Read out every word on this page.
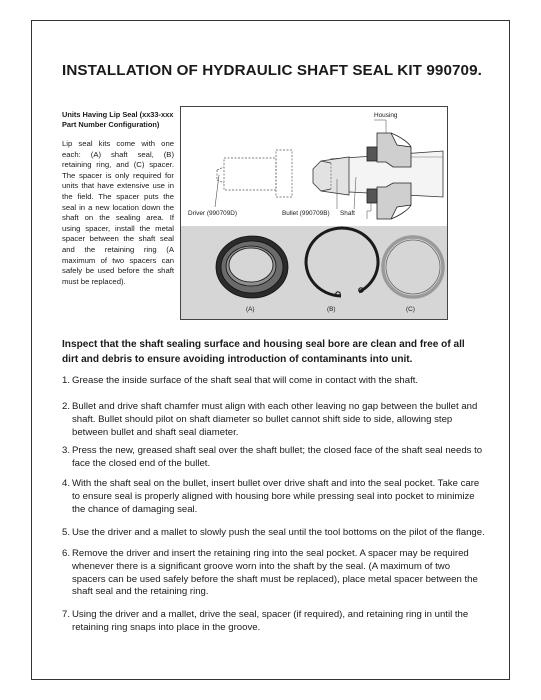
INSTALLATION OF HYDRAULIC SHAFT SEAL KIT 990709.
Units Having Lip Seal (xx33-xxx Part Number Configuration)
Lip seal kits come with one each: (A) shaft seal, (B) retaining ring, and (C) spacer. The spacer is only required for units that have extensive use in the field. The spacer puts the seal in a new location down the shaft on the sealing area. If using spacer, install the metal spacer between the shaft seal and the retaining ring (A maximum of two spacers can safely be used before the shaft must be replaced).
Housing
Driver (990709D)	Bullet (990709B) Shaft
(A)	(B)	(C)
Inspect that the shaft sealing surface and housing seal bore are clean and free of all dirt and debris to ensure avoiding introduction of contaminants into unit.
1. Grease the inside surface of the shaft seal that will come in contact with the shaft.
2. Bullet and drive shaft chamfer must align with each other leaving no gap between the bullet and shaft. Bullet should pilot on shaft diameter so bullet cannot shift side to side, allowing step between bullet and shaft seal diameter.
3. Press the new, greased shaft seal over the shaft bullet; the closed face of the shaft seal needs to face the closed end of the bullet.
4. With the shaft seal on the bullet, insert bullet over drive shaft and into the seal pocket. Take care to ensure seal is properly aligned with housing bore while pressing seal into pocket to minimize the chance of damaging seal.
5. Use the driver and a mallet to slowly push the seal until the tool bottoms on the pilot of the flange.
6. Remove the driver and insert the retaining ring into the seal pocket. A spacer may be required whenever there is a significant groove worn into the shaft by the seal. (A maximum of two spacers can be used safely before the shaft must be replaced), place metal spacer between the shaft seal and the retaining ring.
7. Using the driver and a mallet, drive the seal, spacer (if required), and retaining ring in until the retaining ring snaps into place in the groove.
